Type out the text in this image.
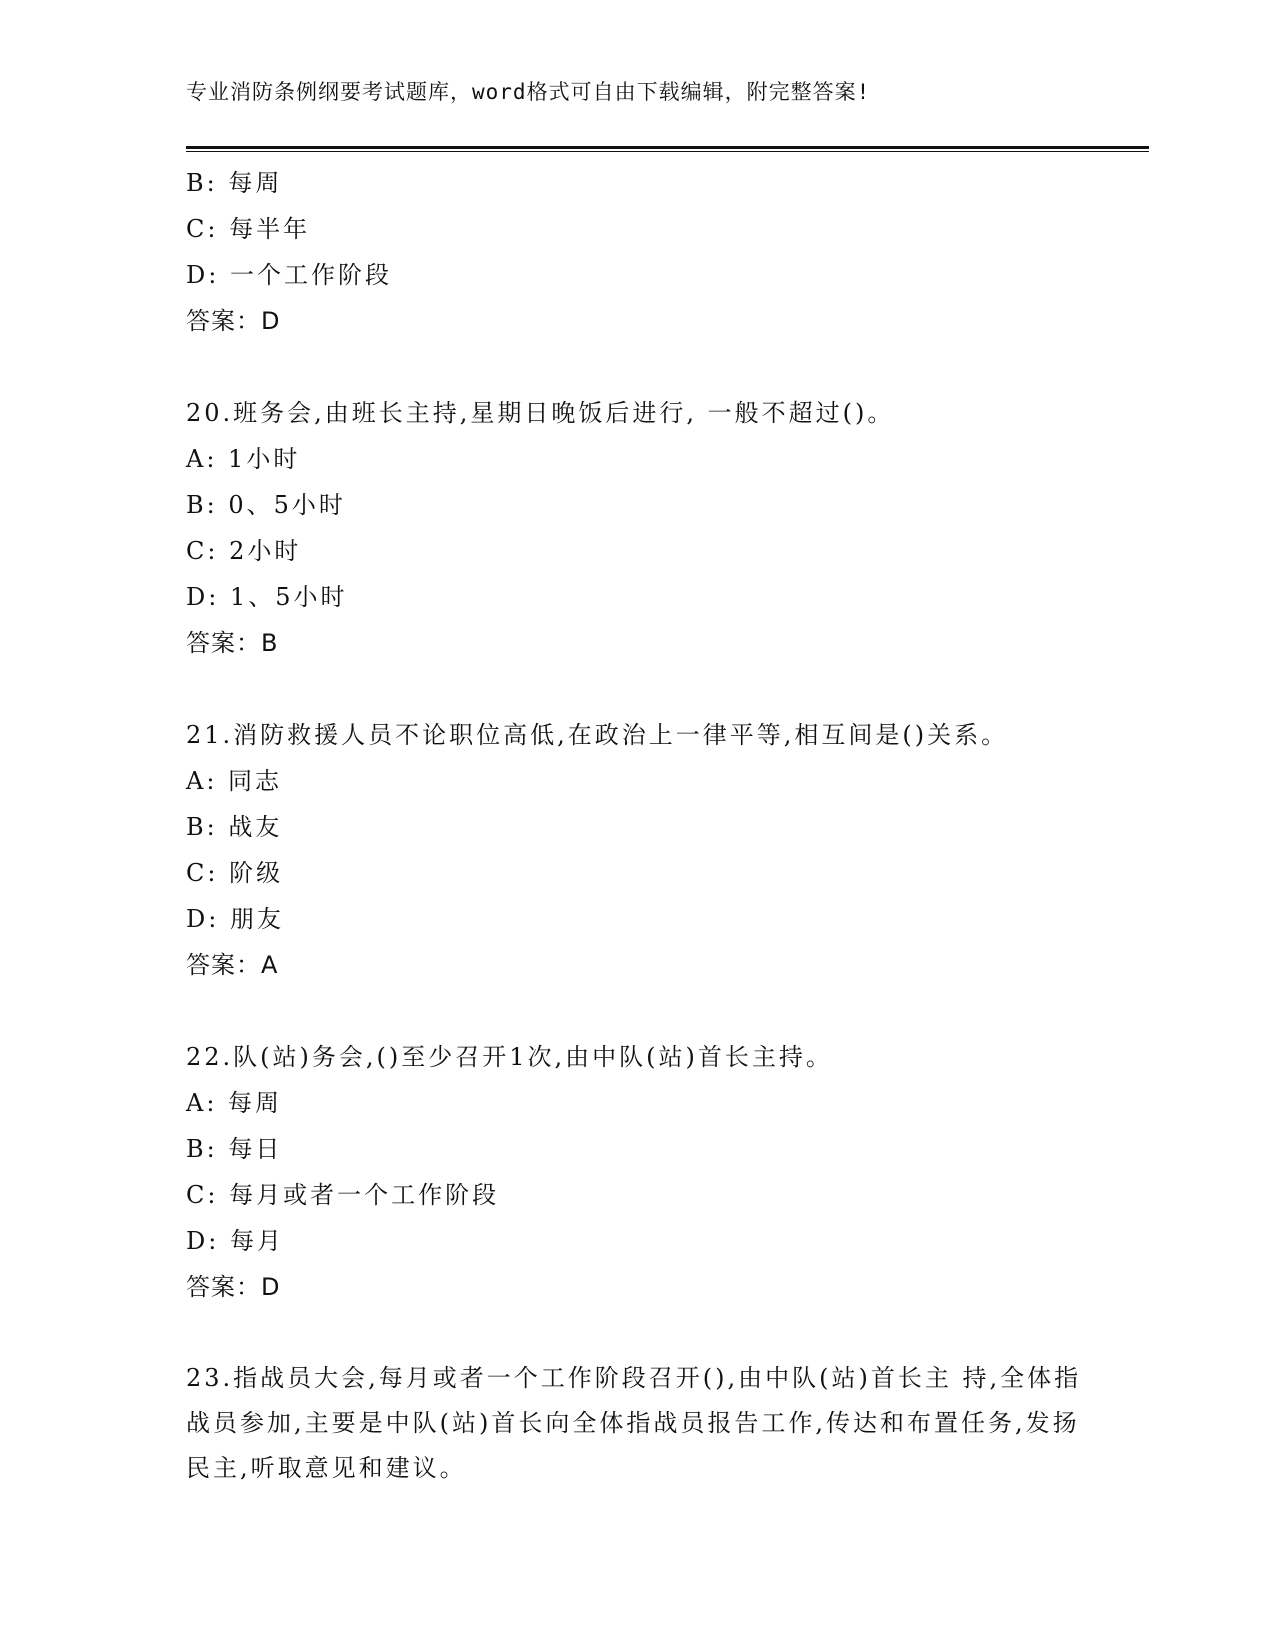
专业消防条例纲要考试题库，word格式可自由下载编辑，附完整答案!
B: 每周
C: 每半年
D: 一个工作阶段
答案：D
20.班务会,由班长主持,星期日晚饭后进行, 一般不超过()。
A: 1小时
B: 0、5小时
C: 2小时
D: 1、5小时
答案：B
21.消防救援人员不论职位高低,在政治上一律平等,相互间是()关系。
A: 同志
B: 战友
C: 阶级
D: 朋友
答案：A
22.队(站)务会,()至少召开1次,由中队(站)首长主持。
A: 每周
B: 每日
C: 每月或者一个工作阶段
D: 每月
答案：D
23.指战员大会,每月或者一个工作阶段召开(),由中队(站)首长主 持,全体指战员参加,主要是中队(站)首长向全体指战员报告工作,传达和布置任务,发扬民主,听取意见和建议。
